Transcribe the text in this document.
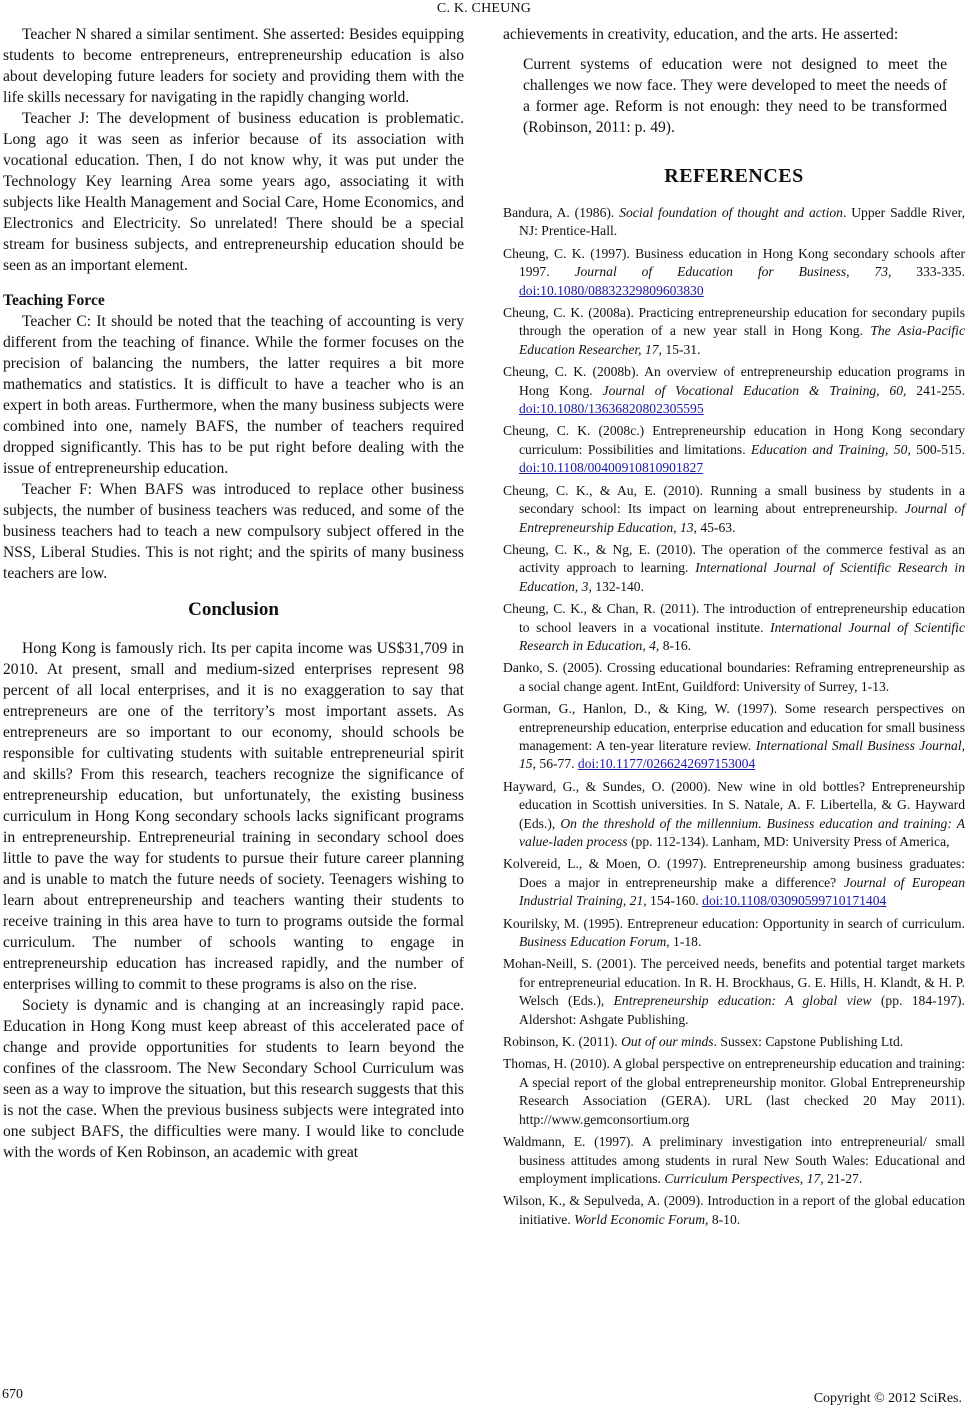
C. K. CHEUNG

Teacher N shared a similar sentiment. She asserted: Besides equipping students to become entrepreneurs, entrepreneurship education is also about developing future leaders for society and providing them with the life skills necessary for navigating in the rapidly changing world.

Teacher J: The development of business education is problematic. Long ago it was seen as inferior because of its association with vocational education. Then, I do not know why, it was put under the Technology Key learning Area some years ago, associating it with subjects like Health Management and Social Care, Home Economics, and Electronics and Electricity. So unrelated! There should be a special stream for business subjects, and entrepreneurship education should be seen as an important element.

Teaching Force

Teacher C: It should be noted that the teaching of accounting is very different from the teaching of finance. While the former focuses on the precision of balancing the numbers, the latter requires a bit more mathematics and statistics. It is difficult to have a teacher who is an expert in both areas. Furthermore, when the many business subjects were combined into one, namely BAFS, the number of teachers required dropped significantly. This has to be put right before dealing with the issue of entrepreneurship education.

Teacher F: When BAFS was introduced to replace other business subjects, the number of business teachers was reduced, and some of the business teachers had to teach a new compulsory subject offered in the NSS, Liberal Studies. This is not right; and the spirits of many business teachers are low.

Conclusion

Hong Kong is famously rich. Its per capita income was US$31,709 in 2010. At present, small and medium-sized enterprises represent 98 percent of all local enterprises, and it is no exaggeration to say that entrepreneurs are one of the territory’s most important assets. As entrepreneurs are so important to our economy, should schools be responsible for cultivating students with suitable entrepreneurial spirit and skills? From this research, teachers recognize the significance of entrepreneurship education, but unfortunately, the existing business curriculum in Hong Kong secondary schools lacks significant programs in entrepreneurship. Entrepreneurial training in secondary school does little to pave the way for students to pursue their future career planning and is unable to match the future needs of society. Teenagers wishing to learn about entrepreneurship and teachers wanting their students to receive training in this area have to turn to programs outside the formal curriculum. The number of schools wanting to engage in entrepreneurship education has increased rapidly, and the number of enterprises willing to commit to these programs is also on the rise.

Society is dynamic and is changing at an increasingly rapid pace. Education in Hong Kong must keep abreast of this accelerated pace of change and provide opportunities for students to learn beyond the confines of the classroom. The New Secondary School Curriculum was seen as a way to improve the situation, but this research suggests that this is not the case. When the previous business subjects were integrated into one subject BAFS, the difficulties were many. I would like to conclude with the words of Ken Robinson, an academic with great

achievements in creativity, education, and the arts. He asserted:

Current systems of education were not designed to meet the challenges we now face. They were developed to meet the needs of a former age. Reform is not enough: they need to be transformed (Robinson, 2011: p. 49).
REFERENCES
Bandura, A. (1986). Social foundation of thought and action. Upper Saddle River, NJ: Prentice-Hall.
Cheung, C. K. (1997). Business education in Hong Kong secondary schools after 1997. Journal of Education for Business, 73, 333-335. doi:10.1080/08832329809603830
Cheung, C. K. (2008a). Practicing entrepreneurship education for secondary pupils through the operation of a new year stall in Hong Kong. The Asia-Pacific Education Researcher, 17, 15-31.
Cheung, C. K. (2008b). An overview of entrepreneurship education programs in Hong Kong. Journal of Vocational Education & Training, 60, 241-255. doi:10.1080/13636820802305595
Cheung, C. K. (2008c.) Entrepreneurship education in Hong Kong secondary curriculum: Possibilities and limitations. Education and Training, 50, 500-515. doi:10.1108/00400910810901827
Cheung, C. K., & Au, E. (2010). Running a small business by students in a secondary school: Its impact on learning about entrepreneurship. Journal of Entrepreneurship Education, 13, 45-63.
Cheung, C. K., & Ng, E. (2010). The operation of the commerce festival as an activity approach to learning. International Journal of Scientific Research in Education, 3, 132-140.
Cheung, C. K., & Chan, R. (2011). The introduction of entrepreneurship education to school leavers in a vocational institute. International Journal of Scientific Research in Education, 4, 8-16.
Danko, S. (2005). Crossing educational boundaries: Reframing entrepreneurship as a social change agent. IntEnt, Guildford: University of Surrey, 1-13.
Gorman, G., Hanlon, D., & King, W. (1997). Some research perspectives on entrepreneurship education, enterprise education and education for small business management: A ten-year literature review. International Small Business Journal, 15, 56-77. doi:10.1177/0266242697153004
Hayward, G., & Sundes, O. (2000). New wine in old bottles? Entrepreneurship education in Scottish universities. In S. Natale, A. F. Libertella, & G. Hayward (Eds.), On the threshold of the millennium. Business education and training: A value-laden process (pp. 112-134). Lanham, MD: University Press of America,
Kolvereid, L., & Moen, O. (1997). Entrepreneurship among business graduates: Does a major in entrepreneurship make a difference? Journal of European Industrial Training, 21, 154-160. doi:10.1108/03090599710171404
Kourilsky, M. (1995). Entrepreneur education: Opportunity in search of curriculum. Business Education Forum, 1-18.
Mohan-Neill, S. (2001). The perceived needs, benefits and potential target markets for entrepreneurial education. In R. H. Brockhaus, G. E. Hills, H. Klandt, & H. P. Welsch (Eds.), Entrepreneurship education: A global view (pp. 184-197). Aldershot: Ashgate Publishing.
Robinson, K. (2011). Out of our minds. Sussex: Capstone Publishing Ltd.
Thomas, H. (2010). A global perspective on entrepreneurship education and training: A special report of the global entrepreneurship monitor. Global Entrepreneurship Research Association (GERA). URL (last checked 20 May 2011). http://www.gemconsortium.org
Waldmann, E. (1997). A preliminary investigation into entrepreneurial/ small business attitudes among students in rural New South Wales: Educational and employment implications. Curriculum Perspectives, 17, 21-27.
Wilson, K., & Sepulveda, A. (2009). Introduction in a report of the global education initiative. World Economic Forum, 8-10.
670	Copyright © 2012 SciRes.
